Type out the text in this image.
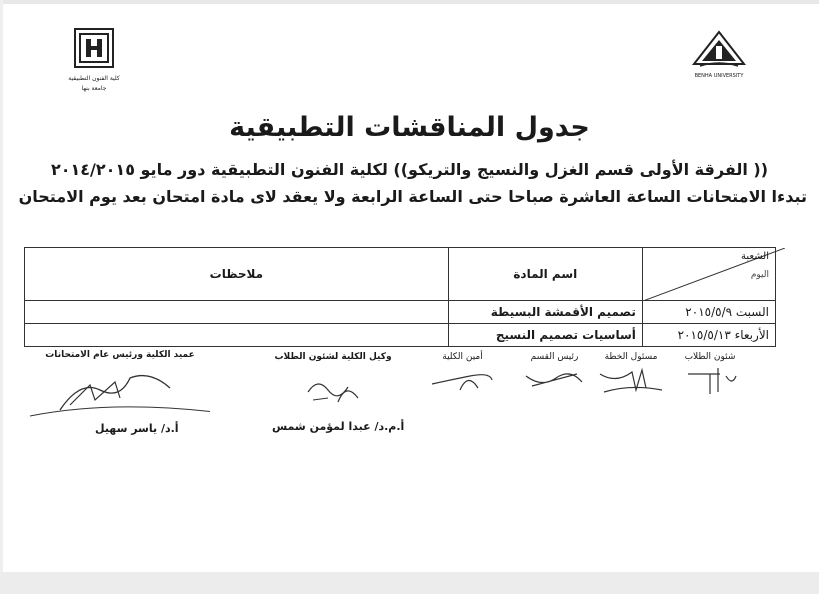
كلية الفنون التطبيقية
جامعة بنها
BENHA UNIVERSITY
جدول المناقشات التطبيقية
(( الفرقة الأولى قسم الغزل والنسيج والتريكو)) لكلية الفنون التطبيقية دور مايو ٢٠١٤/٢٠١٥
تبدءا الامتحانات الساعة العاشرة صباحا حتى الساعة الرابعة ولا يعقد لاى مادة امتحان بعد يوم الامتحان
ملاحظات	اسم المادة	الشعبة
اليوم

	تصميم الأقمشة البسيطة	السبت ٢٠١٥/٥/٩
	أساسيات تصميم النسيج	الأربعاء ٢٠١٥/٥/١٣
عميد الكلية ورئيس عام الامتحانات
أ.د/ ياسر سهيل
وكيل الكلية لشئون الطلاب
أ.م.د/ عبدا لمؤمن شمس
أمين الكلية	رئيس القسم	مسئول الخطة	شئون الطلاب
